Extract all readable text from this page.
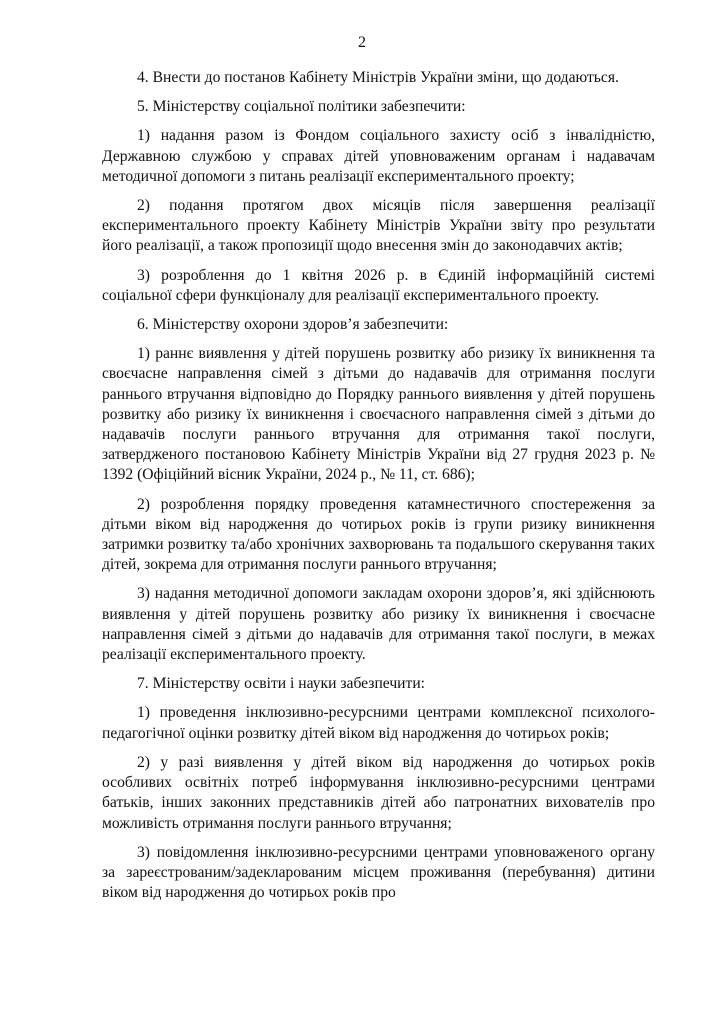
2

4. Внести до постанов Кабінету Міністрів України зміни, що додаються.

5. Міністерству соціальної політики забезпечити:

1) надання разом із Фондом соціального захисту осіб з інвалідністю, Державною службою у справах дітей уповноваженим органам і надавачам методичної допомоги з питань реалізації експериментального проекту;

2) подання протягом двох місяців після завершення реалізації експериментального проекту Кабінету Міністрів України звіту про результати його реалізації, а також пропозиції щодо внесення змін до законодавчих актів;

3) розроблення до 1 квітня 2026 р. в Єдиній інформаційній системі соціальної сфери функціоналу для реалізації експериментального проекту.

6. Міністерству охорони здоров’я забезпечити:

1) раннє виявлення у дітей порушень розвитку або ризику їх виникнення та своєчасне направлення сімей з дітьми до надавачів для отримання послуги раннього втручання відповідно до Порядку раннього виявлення у дітей порушень розвитку або ризику їх виникнення і своєчасного направлення сімей з дітьми до надавачів послуги раннього втручання для отримання такої послуги, затвердженого постановою Кабінету Міністрів України від 27 грудня 2023 р. № 1392 (Офіційний вісник України, 2024 р., № 11, ст. 686);

2) розроблення порядку проведення катамнестичного спостереження за дітьми віком від народження до чотирьох років із групи ризику виникнення затримки розвитку та/або хронічних захворювань та подальшого скерування таких дітей, зокрема для отримання послуги раннього втручання;

3) надання методичної допомоги закладам охорони здоров’я, які здійснюють виявлення у дітей порушень розвитку або ризику їх виникнення і своєчасне направлення сімей з дітьми до надавачів для отримання такої послуги, в межах реалізації експериментального проекту.

7. Міністерству освіти і науки забезпечити:

1) проведення інклюзивно-ресурсними центрами комплексної психолого-педагогічної оцінки розвитку дітей віком від народження до чотирьох років;

2) у разі виявлення у дітей віком від народження до чотирьох років особливих освітніх потреб інформування інклюзивно-ресурсними центрами батьків, інших законних представників дітей або патронатних вихователів про можливість отримання послуги раннього втручання;

3) повідомлення інклюзивно-ресурсними центрами уповноваженого органу за зареєстрованим/задекларованим місцем проживання (перебування) дитини віком від народження до чотирьох років про
